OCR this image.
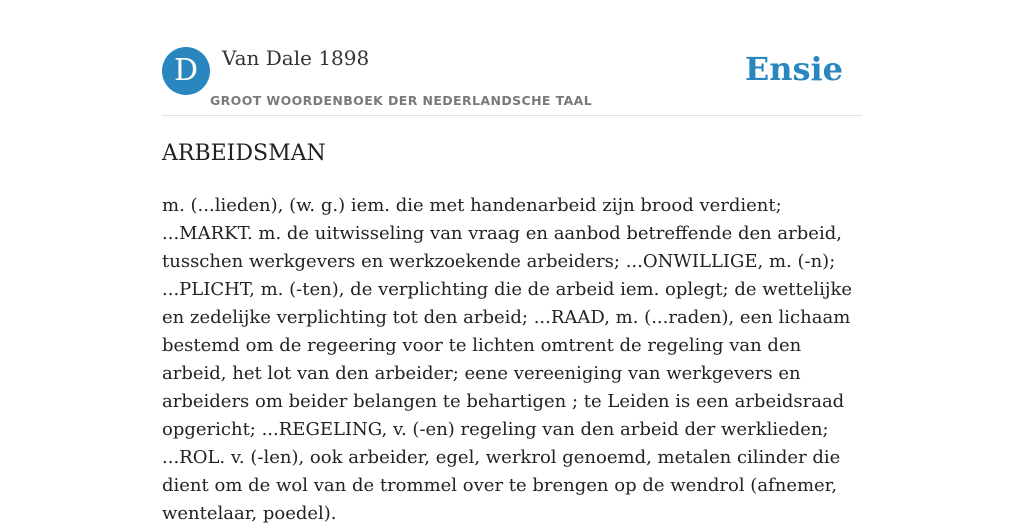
D	Van Dale 1898
GROOT WOORDENBOEK DER NEDERLANDSCHE TAAL
Ensie
ARBEIDSMAN

m. (...lieden), (w. g.) iem. die met handenarbeid zijn brood verdient; ...MARKT. m. de uitwisseling van vraag en aanbod betreffende den arbeid, tusschen werkgevers en werkzoekende arbeiders; ...ONWILLIGE, m. (-n); ...PLICHT, m. (-ten), de verplichting die de arbeid iem. oplegt; de wettelijke en zedelijke verplichting tot den arbeid; ...RAAD, m. (...raden), een lichaam bestemd om de regeering voor te lichten omtrent de regeling van den arbeid, het lot van den arbeider; eene vereeniging van werkgevers en arbeiders om beider belangen te behartigen ; te Leiden is een arbeidsraad opgericht; ...REGELING, v. (-en) regeling van den arbeid der werklieden; ...ROL. v. (-len), ook arbeider, egel, werkrol genoemd, metalen cilinder die dient om de wol van de trommel over te brengen op de wendrol (afnemer, wentelaar, poedel).
